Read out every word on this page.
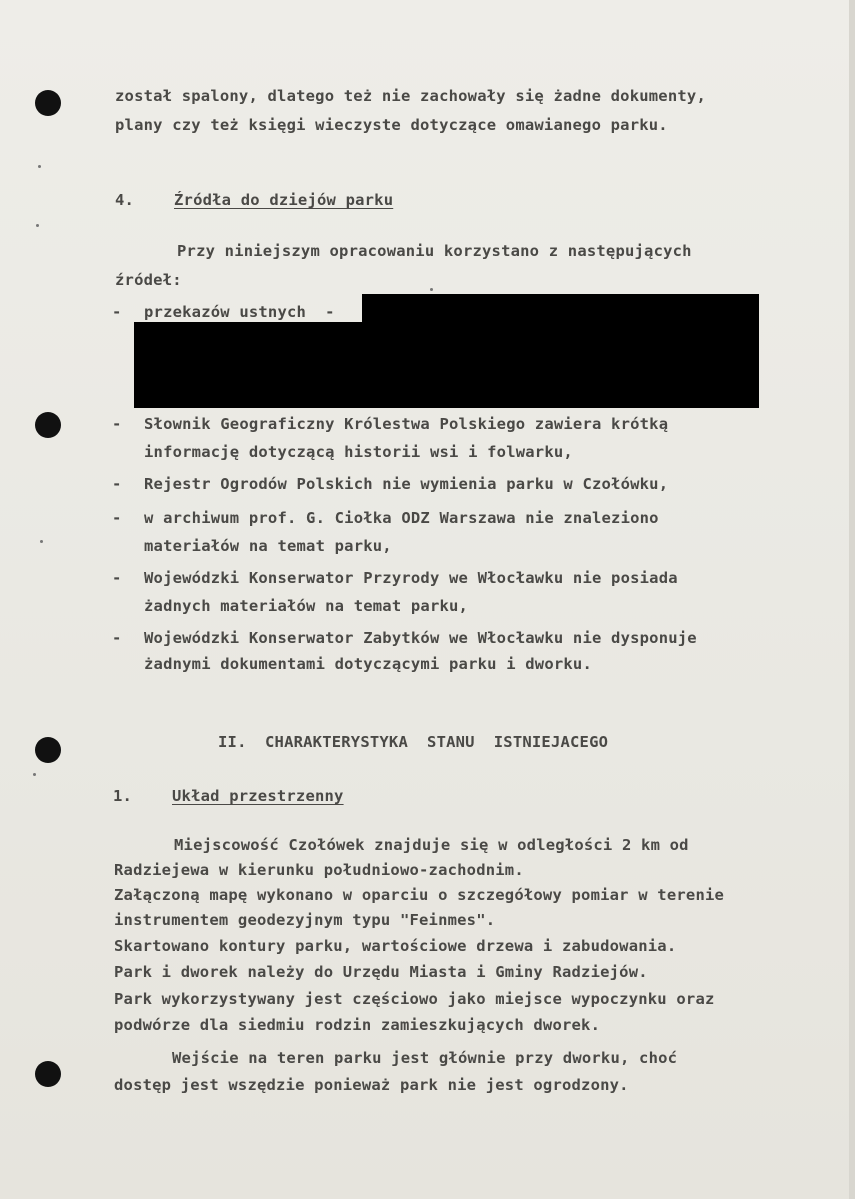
został spalony, dlatego też nie zachowały się żadne dokumenty,
plany czy też księgi wieczyste dotyczące omawianego parku.
4.	Źródła do dziejów parku
Przy niniejszym opracowaniu korzystano z następujących
źródeł:
- przekazów ustnych  -
- Słownik Geograficzny Królestwa Polskiego zawiera krótką
informację dotyczącą historii wsi i folwarku,
- Rejestr Ogrodów Polskich nie wymienia parku w Czołówku,
- w archiwum prof. G. Ciołka ODZ Warszawa nie znaleziono
materiałów na temat parku,
- Wojewódzki Konserwator Przyrody we Włocławku nie posiada
żadnych materiałów na temat parku,
- Wojewódzki Konserwator Zabytków we Włocławku nie dysponuje
żadnymi dokumentami dotyczącymi parku i dworku.
II. CHARAKTERYSTYKA  STANU  ISTNIEJACEGO
1.	Układ przestrzenny
Miejscowość Czołówek znajduje się w odległości 2 km od
Radziejewa w kierunku południowo-zachodnim.
Załączoną mapę wykonano w oparciu o szczegółowy pomiar w terenie
instrumentem geodezyjnym typu "Feinmes".
Skartowano kontury parku, wartościowe drzewa i zabudowania.
Park i dworek należy do Urzędu Miasta i Gminy Radziejów.
Park wykorzystywany jest częściowo jako miejsce wypoczynku oraz
podwórze dla siedmiu rodzin zamieszkujących dworek.
Wejście na teren parku jest głównie przy dworku, choć
dostęp jest wszędzie ponieważ park nie jest ogrodzony.
